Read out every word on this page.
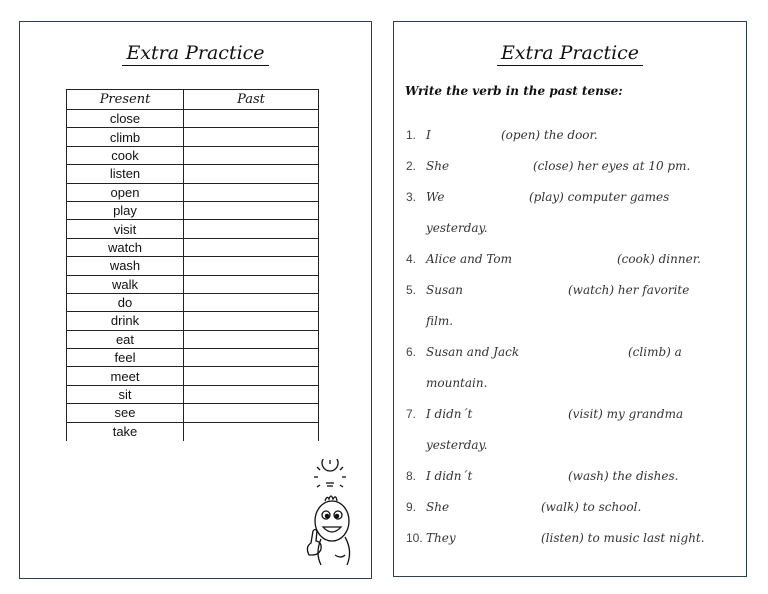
Extra Practice
Present	Past
close	
climb	
cook	
listen	
open	
play	
visit	
watch	
wash	
walk	
do	
drink	
eat	
feel	
meet	
sit	
see	
take	
Extra Practice
Write the verb in the past tense:
1. I	(open) the door.
2. She	(close) her eyes at 10 pm.
3. We	(play) computer games
yesterday.
4. Alice and Tom	(cook) dinner.
5. Susan	(watch) her favorite
film.
6. Susan and Jack	(climb) a
mountain.
7. I didn´t	(visit) my grandma
yesterday.
8. I didn´t	(wash) the dishes.
9. She	(walk) to school.
10. They	(listen) to music last night.
